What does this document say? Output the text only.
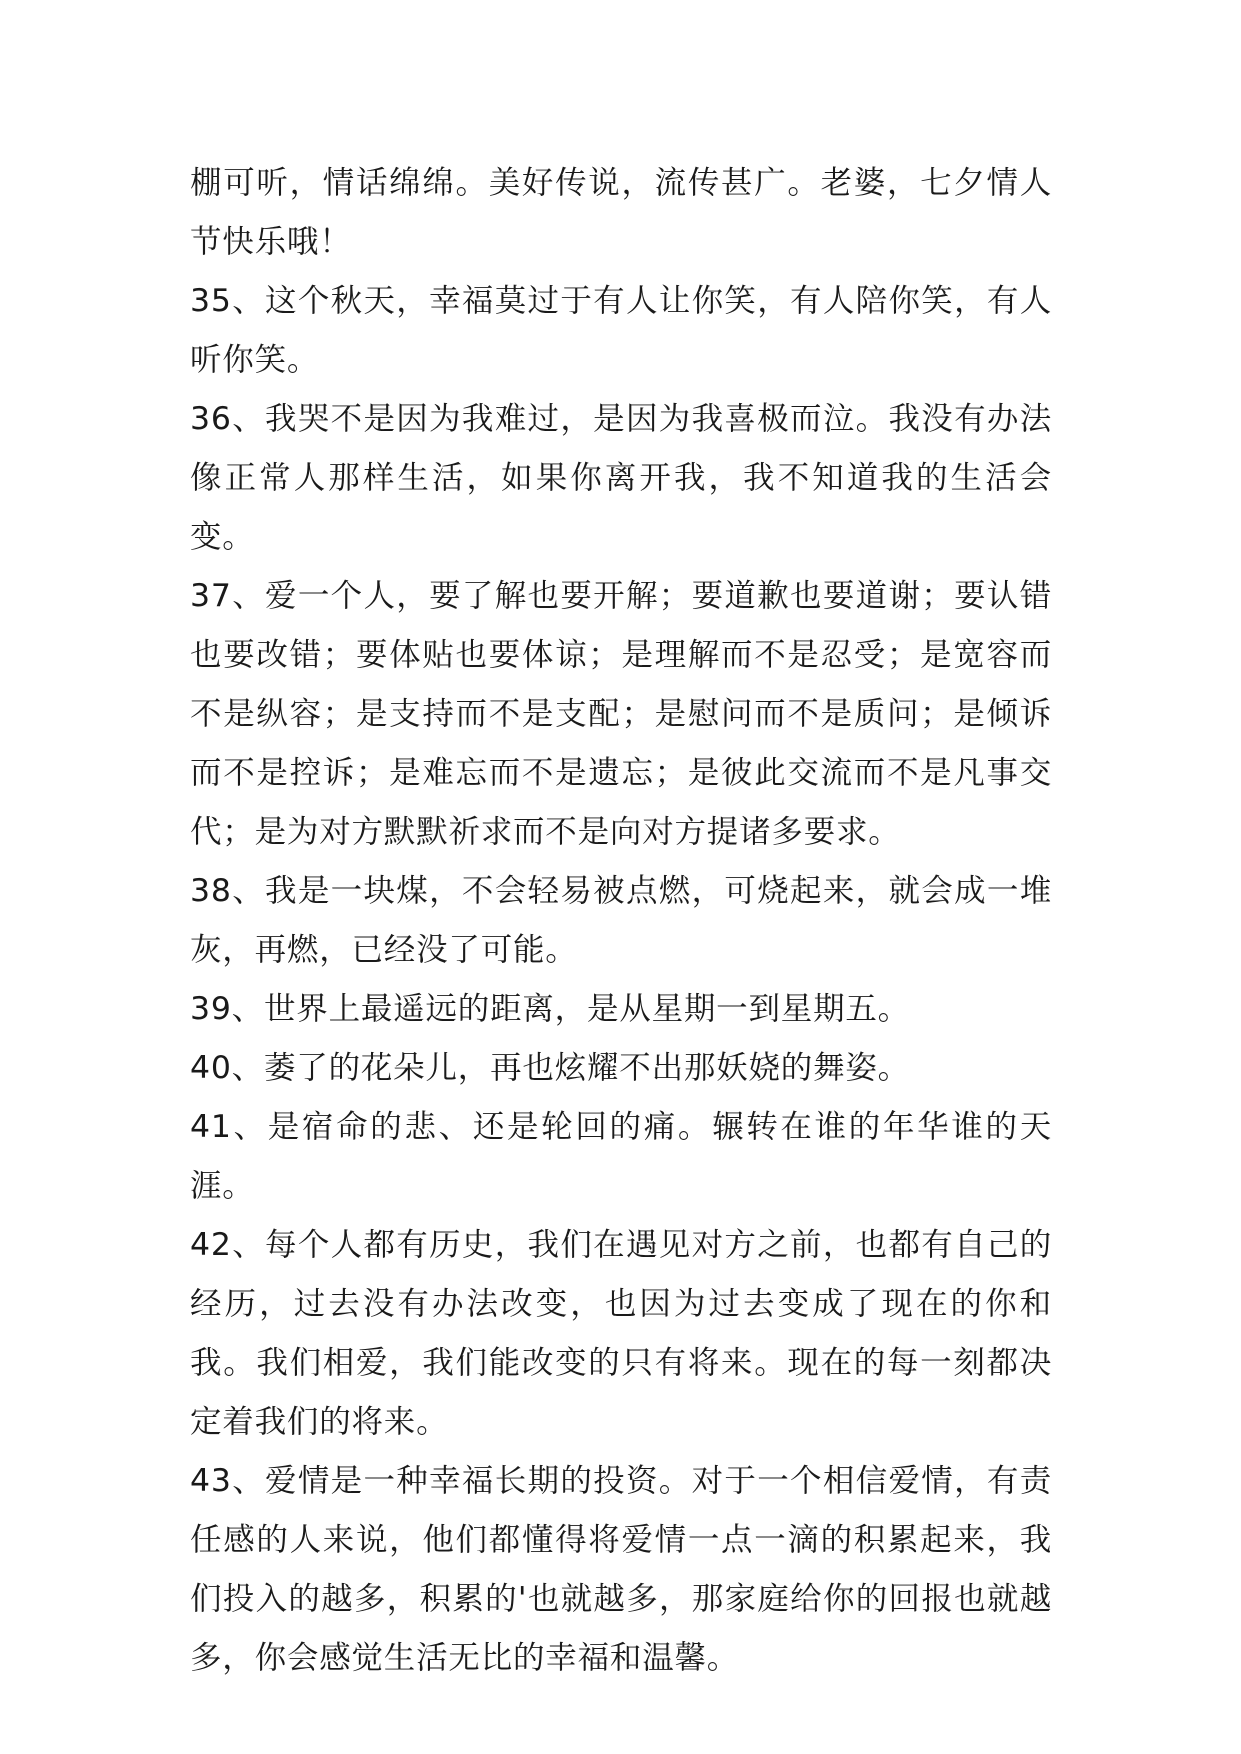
棚可听，情话绵绵。美好传说，流传甚广。老婆，七夕情人节快乐哦！

35、这个秋天，幸福莫过于有人让你笑，有人陪你笑，有人听你笑。

36、我哭不是因为我难过，是因为我喜极而泣。我没有办法像正常人那样生活，如果你离开我，我不知道我的生活会变。

37、爱一个人，要了解也要开解；要道歉也要道谢；要认错也要改错；要体贴也要体谅；是理解而不是忍受；是宽容而不是纵容；是支持而不是支配；是慰问而不是质问；是倾诉而不是控诉；是难忘而不是遗忘；是彼此交流而不是凡事交代；是为对方默默祈求而不是向对方提诸多要求。

38、我是一块煤，不会轻易被点燃，可烧起来，就会成一堆灰，再燃，已经没了可能。

39、世界上最遥远的距离，是从星期一到星期五。

40、萎了的花朵儿，再也炫耀不出那妖娆的舞姿。

41、是宿命的悲、还是轮回的痛。辗转在谁的年华谁的天涯。

42、每个人都有历史，我们在遇见对方之前，也都有自己的经历，过去没有办法改变，也因为过去变成了现在的你和我。我们相爱，我们能改变的只有将来。现在的每一刻都决定着我们的将来。

43、爱情是一种幸福长期的投资。对于一个相信爱情，有责任感的人来说，他们都懂得将爱情一点一滴的积累起来，我们投入的越多，积累的'也就越多，那家庭给你的回报也就越多，你会感觉生活无比的幸福和温馨。
